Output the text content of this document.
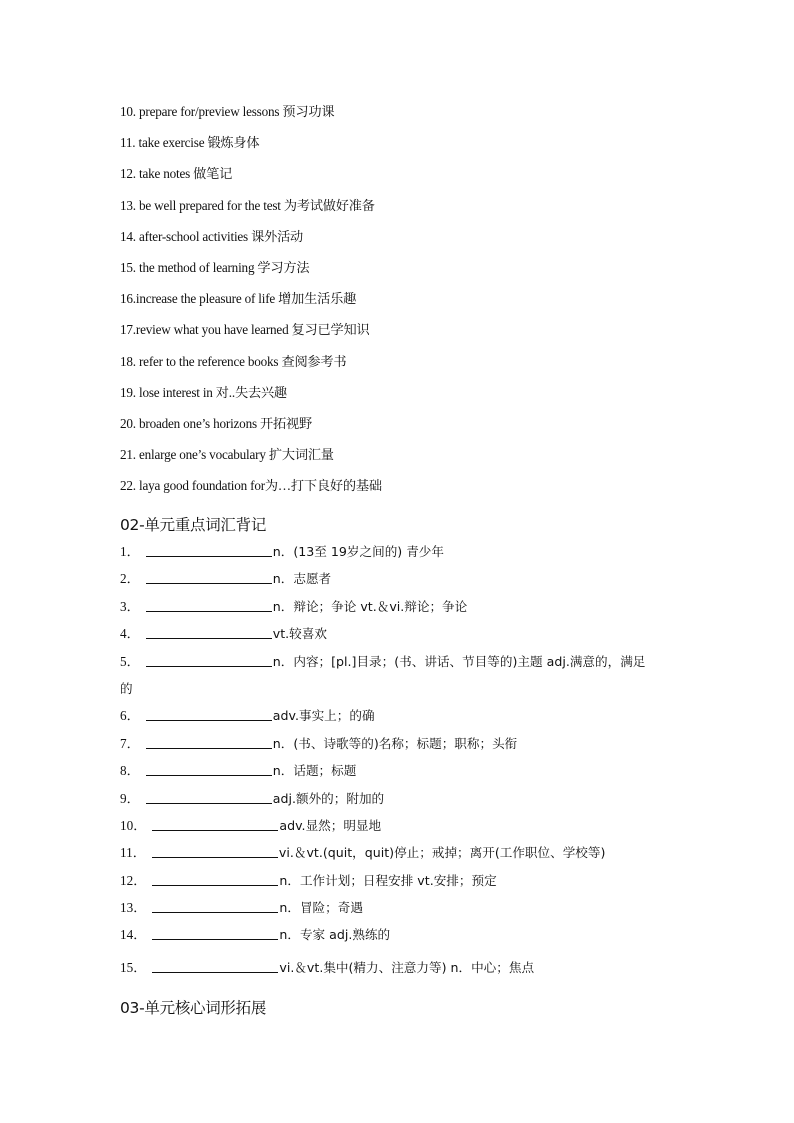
10. prepare for/preview lessons 预习功课
11. take exercise 锻炼身体
12. take notes 做笔记
13. be well prepared for the test 为考试做好准备
14. after-school activities 课外活动
15. the method of learning 学习方法
16.increase the pleasure of life 增加生活乐趣
17.review what you have learned 复习已学知识
18. refer to the reference books 查阅参考书
19. lose interest in 对..失去兴趣
20. broaden one’s horizons 开拓视野
21. enlarge one’s vocabulary 扩大词汇量
22. laya good foundation for为…打下良好的基础
02-单元重点词汇背记
1．	n．(13至 19岁之间的) 青少年
2．	n．志愿者
3．	n．辩论；争论 vt.＆vi.辩论；争论
4．	vt.较喜欢
5．	n．内容；[pl.]目录；(书、讲话、节目等的)主题 adj.满意的，满足
的
6．	adv.事实上；的确
7．	n．(书、诗歌等的)名称；标题；职称；头衔
8．	n．话题；标题
9．	adj.额外的；附加的
10．	adv.显然；明显地
11．	vi.＆vt.(quit，quit)停止；戒掉；离开(工作职位、学校等)
12．	n．工作计划；日程安排 vt.安排；预定
13．	n．冒险；奇遇
14．	n．专家 adj.熟练的
15．	vi.＆vt.集中(精力、注意力等) n．中心；焦点
03-单元核心词形拓展
